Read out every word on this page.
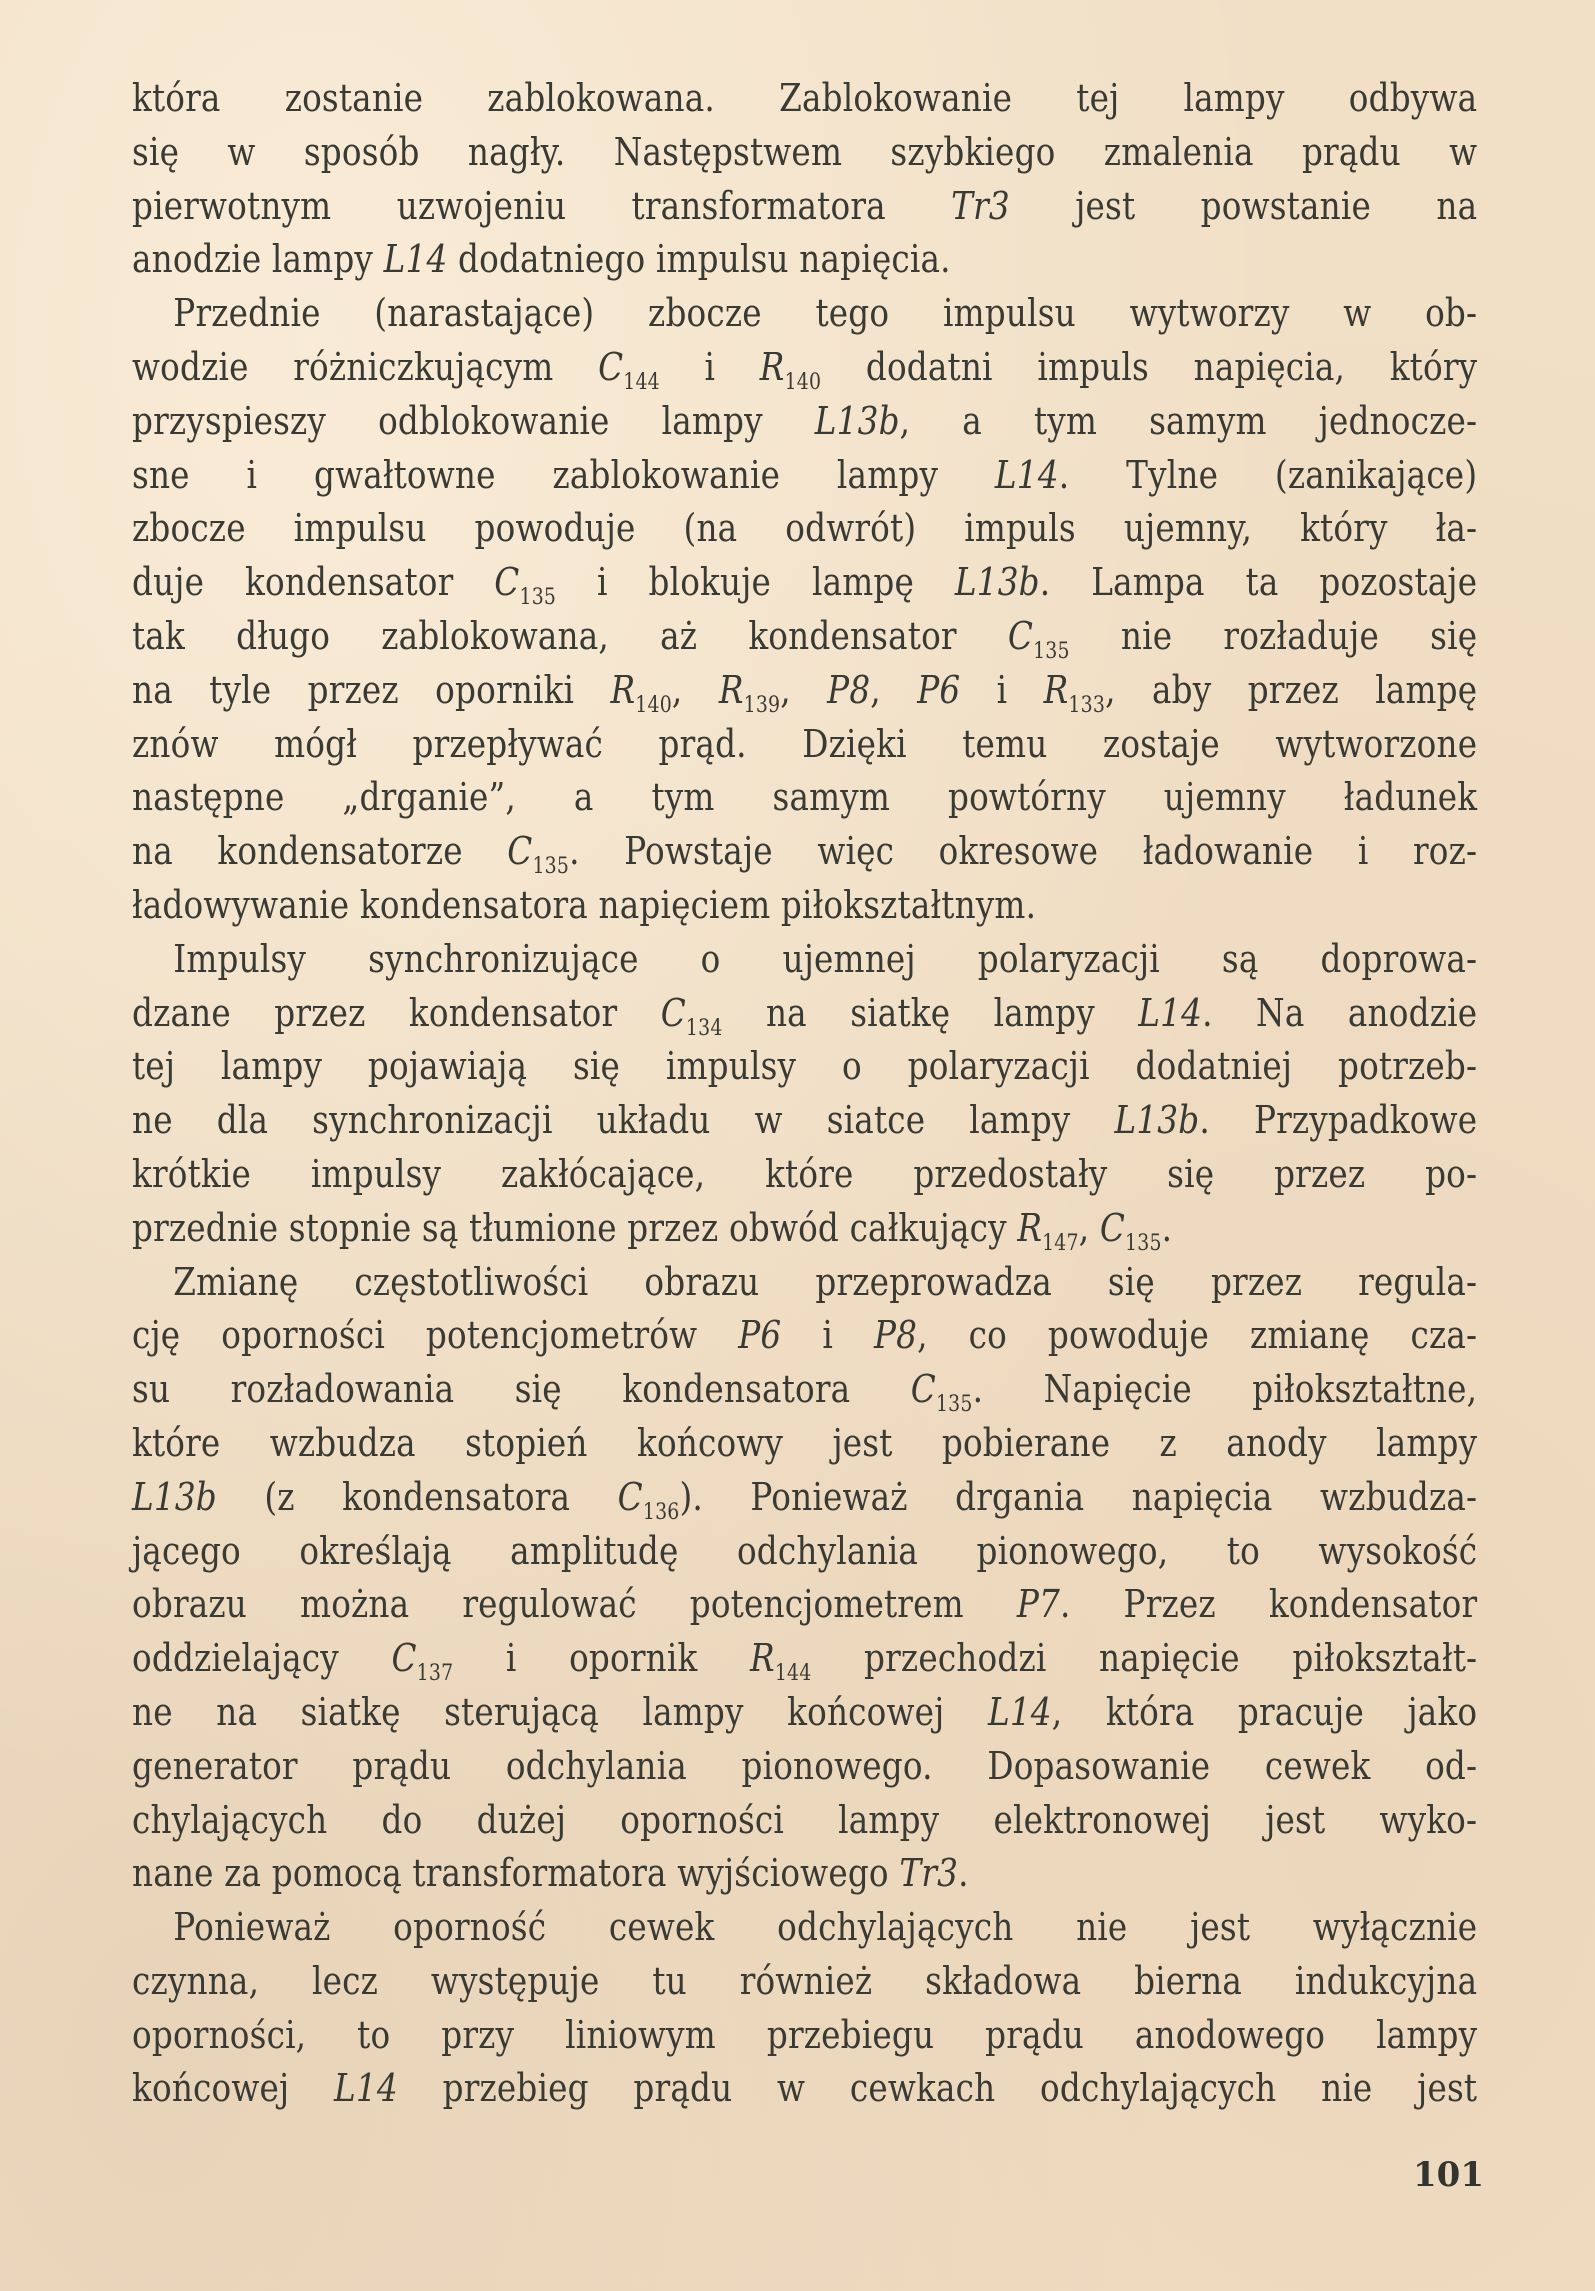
która zostanie zablokowana. Zablokowanie tej lampy odbywa
się w sposób nagły. Następstwem szybkiego zmalenia prądu w
pierwotnym uzwojeniu transformatora Tr3 jest powstanie na
anodzie lampy L14 dodatniego impulsu napięcia.
Przednie (narastające) zbocze tego impulsu wytworzy w ob-
wodzie różniczkującym $C_{144}$ i $R_{140}$ dodatni impuls napięcia, który
przyspieszy odblokowanie lampy L13b, a tym samym jednocze-
sne i gwałtowne zablokowanie lampy L14. Tylne (zanikające)
zbocze impulsu powoduje (na odwrót) impuls ujemny, który ła-
duje kondensator $C_{135}$ i blokuje lampę L13b. Lampa ta pozostaje
tak długo zablokowana, aż kondensator $C_{135}$ nie rozładuje się
na tyle przez oporniki $R_{140}$, $R_{139}$, P8, P6 i $R_{133}$, aby przez lampę
znów mógł przepływać prąd. Dzięki temu zostaje wytworzone
następne „drganie”, a tym samym powtórny ujemny ładunek
na kondensatorze $C_{135}$. Powstaje więc okresowe ładowanie i roz-
ładowywanie kondensatora napięciem piłokształtnym.
Impulsy synchronizujące o ujemnej polaryzacji są doprowa-
dzane przez kondensator $C_{134}$ na siatkę lampy L14. Na anodzie
tej lampy pojawiają się impulsy o polaryzacji dodatniej potrzeb-
ne dla synchronizacji układu w siatce lampy L13b. Przypadkowe
krótkie impulsy zakłócające, które przedostały się przez po-
przednie stopnie są tłumione przez obwód całkujący $R_{147}$, $C_{135}$.
Zmianę częstotliwości obrazu przeprowadza się przez regula-
cję oporności potencjometrów P6 i P8, co powoduje zmianę cza-
su rozładowania się kondensatora $C_{135}$. Napięcie piłokształtne,
które wzbudza stopień końcowy jest pobierane z anody lampy
L13b (z kondensatora $C_{136}$). Ponieważ drgania napięcia wzbudza-
jącego określają amplitudę odchylania pionowego, to wysokość
obrazu można regulować potencjometrem P7. Przez kondensator
oddzielający $C_{137}$ i opornik $R_{144}$ przechodzi napięcie piłokształt-
ne na siatkę sterującą lampy końcowej L14, która pracuje jako
generator prądu odchylania pionowego. Dopasowanie cewek od-
chylających do dużej oporności lampy elektronowej jest wyko-
nane za pomocą transformatora wyjściowego Tr3.
Ponieważ oporność cewek odchylających nie jest wyłącznie
czynna, lecz występuje tu również składowa bierna indukcyjna
oporności, to przy liniowym przebiegu prądu anodowego lampy
końcowej L14 przebieg prądu w cewkach odchylających nie jest
101
